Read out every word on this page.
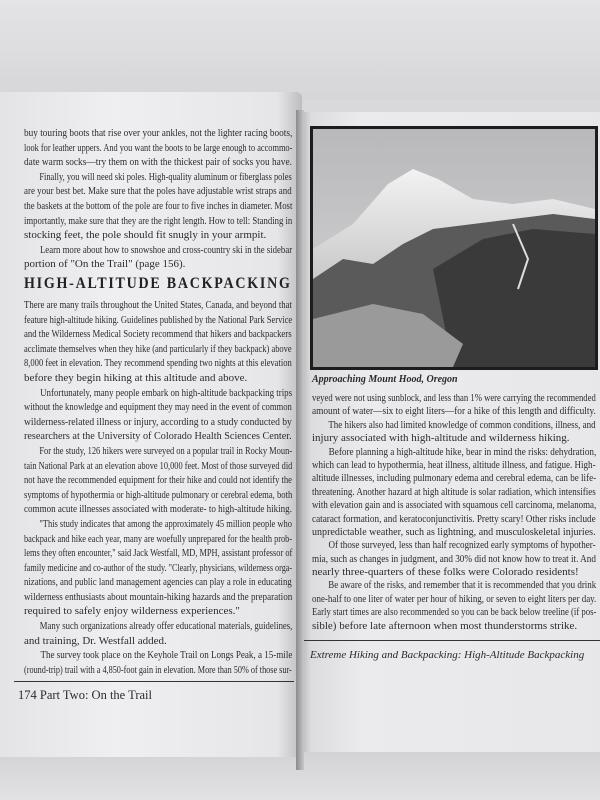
buy touring boots that rise over your ankles, not the lighter racing boots,
look for leather uppers. And you want the boots to be large enough to accommo-
date warm socks—try them on with the thickest pair of socks you have.
Finally, you will need ski poles. High-quality aluminum or fiberglass poles
are your best bet. Make sure that the poles have adjustable wrist straps and
the baskets at the bottom of the pole are four to five inches in diameter. Most
importantly, make sure that they are the right length. How to tell: Standing in
stocking feet, the pole should fit snugly in your armpit.
Learn more about how to snowshoe and cross-country ski in the sidebar
portion of "On the Trail" (page 156).
HIGH-ALTITUDE BACKPACKING
There are many trails throughout the United States, Canada, and beyond that
feature high-altitude hiking. Guidelines published by the National Park Service
and the Wilderness Medical Society recommend that hikers and backpackers
acclimate themselves when they hike (and particularly if they backpack) above
8,000 feet in elevation. They recommend spending two nights at this elevation
before they begin hiking at this altitude and above.
Unfortunately, many people embark on high-altitude backpacking trips
without the knowledge and equipment they may need in the event of common
wilderness-related illness or injury, according to a study conducted by
researchers at the University of Colorado Health Sciences Center.
For the study, 126 hikers were surveyed on a popular trail in Rocky Moun-
tain National Park at an elevation above 10,000 feet. Most of those surveyed did
not have the recommended equipment for their hike and could not identify the
symptoms of hypothermia or high-altitude pulmonary or cerebral edema, both
common acute illnesses associated with moderate- to high-altitude hiking.
"This study indicates that among the approximately 45 million people who
backpack and hike each year, many are woefully unprepared for the health prob-
lems they often encounter," said Jack Westfall, MD, MPH, assistant professor of
family medicine and co-author of the study. "Clearly, physicians, wilderness orga-
nizations, and public land management agencies can play a role in educating
wilderness enthusiasts about mountain-hiking hazards and the preparation
required to safely enjoy wilderness experiences."
Many such organizations already offer educational materials, guidelines,
and training, Dr. Westfall added.
The survey took place on the Keyhole Trail on Longs Peak, a 15-mile
(round-trip) trail with a 4,850-foot gain in elevation. More than 50% of those sur-
174 Part Two: On the Trail
Approaching Mount Hood, Oregon
veyed were not using sunblock, and less than 1% were carrying the recommended
amount of water—six to eight liters—for a hike of this length and difficulty.
The hikers also had limited knowledge of common conditions, illness, and
injury associated with high-altitude and wilderness hiking.
Before planning a high-altitude hike, bear in mind the risks: dehydration,
which can lead to hypothermia, heat illness, altitude illness, and fatigue. High-
altitude illnesses, including pulmonary edema and cerebral edema, can be life-
threatening. Another hazard at high altitude is solar radiation, which intensifies
with elevation gain and is associated with squamous cell carcinoma, melanoma,
cataract formation, and keratoconjunctivitis. Pretty scary! Other risks include
unpredictable weather, such as lightning, and musculoskeletal injuries.
Of those surveyed, less than half recognized early symptoms of hypother-
mia, such as changes in judgment, and 30% did not know how to treat it. And
nearly three-quarters of these folks were Colorado residents!
Be aware of the risks, and remember that it is recommended that you drink
one-half to one liter of water per hour of hiking, or seven to eight liters per day.
Early start times are also recommended so you can be back below treeline (if pos-
sible) before late afternoon when most thunderstorms strike.
Extreme Hiking and Backpacking: High-Altitude Backpacking
